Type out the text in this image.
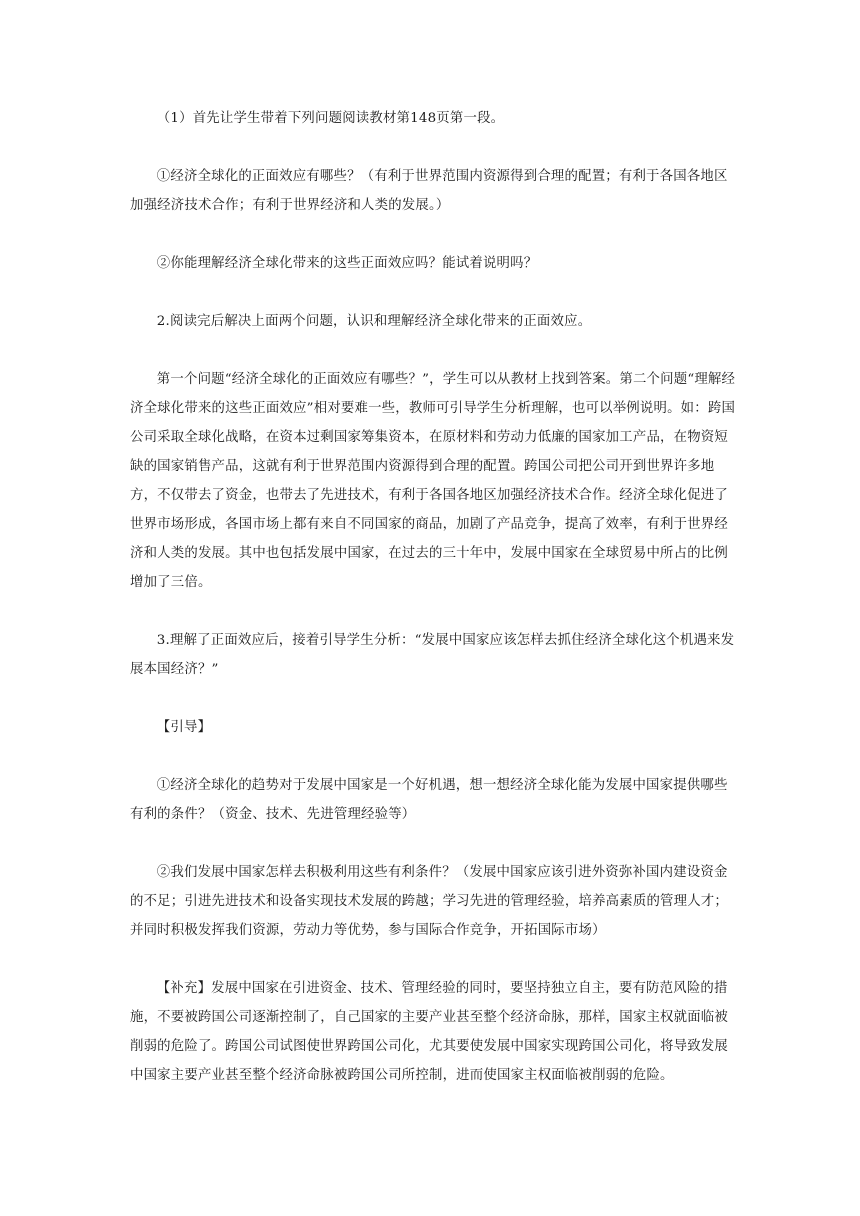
（1）首先让学生带着下列问题阅读教材第148页第一段。

①经济全球化的正面效应有哪些？（有利于世界范围内资源得到合理的配置；有利于各国各地区加强经济技术合作；有利于世界经济和人类的发展。）

②你能理解经济全球化带来的这些正面效应吗？能试着说明吗？

2.阅读完后解决上面两个问题，认识和理解经济全球化带来的正面效应。

第一个问题“经济全球化的正面效应有哪些？”，学生可以从教材上找到答案。第二个问题“理解经济全球化带来的这些正面效应”相对要难一些，教师可引导学生分析理解，也可以举例说明。如：跨国公司采取全球化战略，在资本过剩国家筹集资本，在原材料和劳动力低廉的国家加工产品，在物资短缺的国家销售产品，这就有利于世界范围内资源得到合理的配置。跨国公司把公司开到世界许多地方，不仅带去了资金，也带去了先进技术，有利于各国各地区加强经济技术合作。经济全球化促进了世界市场形成，各国市场上都有来自不同国家的商品，加剧了产品竞争，提高了效率，有利于世界经济和人类的发展。其中也包括发展中国家，在过去的三十年中，发展中国家在全球贸易中所占的比例增加了三倍。

3.理解了正面效应后，接着引导学生分析：“发展中国家应该怎样去抓住经济全球化这个机遇来发展本国经济？”

【引导】

①经济全球化的趋势对于发展中国家是一个好机遇，想一想经济全球化能为发展中国家提供哪些有利的条件？（资金、技术、先进管理经验等）

②我们发展中国家怎样去积极利用这些有利条件？（发展中国家应该引进外资弥补国内建设资金的不足；引进先进技术和设备实现技术发展的跨越；学习先进的管理经验，培养高素质的管理人才；并同时积极发挥我们资源，劳动力等优势，参与国际合作竞争，开拓国际市场）

【补充】发展中国家在引进资金、技术、管理经验的同时，要坚持独立自主，要有防范风险的措施，不要被跨国公司逐渐控制了，自己国家的主要产业甚至整个经济命脉，那样，国家主权就面临被削弱的危险了。跨国公司试图使世界跨国公司化，尤其要使发展中国家实现跨国公司化，将导致发展中国家主要产业甚至整个经济命脉被跨国公司所控制，进而使国家主权面临被削弱的危险。
